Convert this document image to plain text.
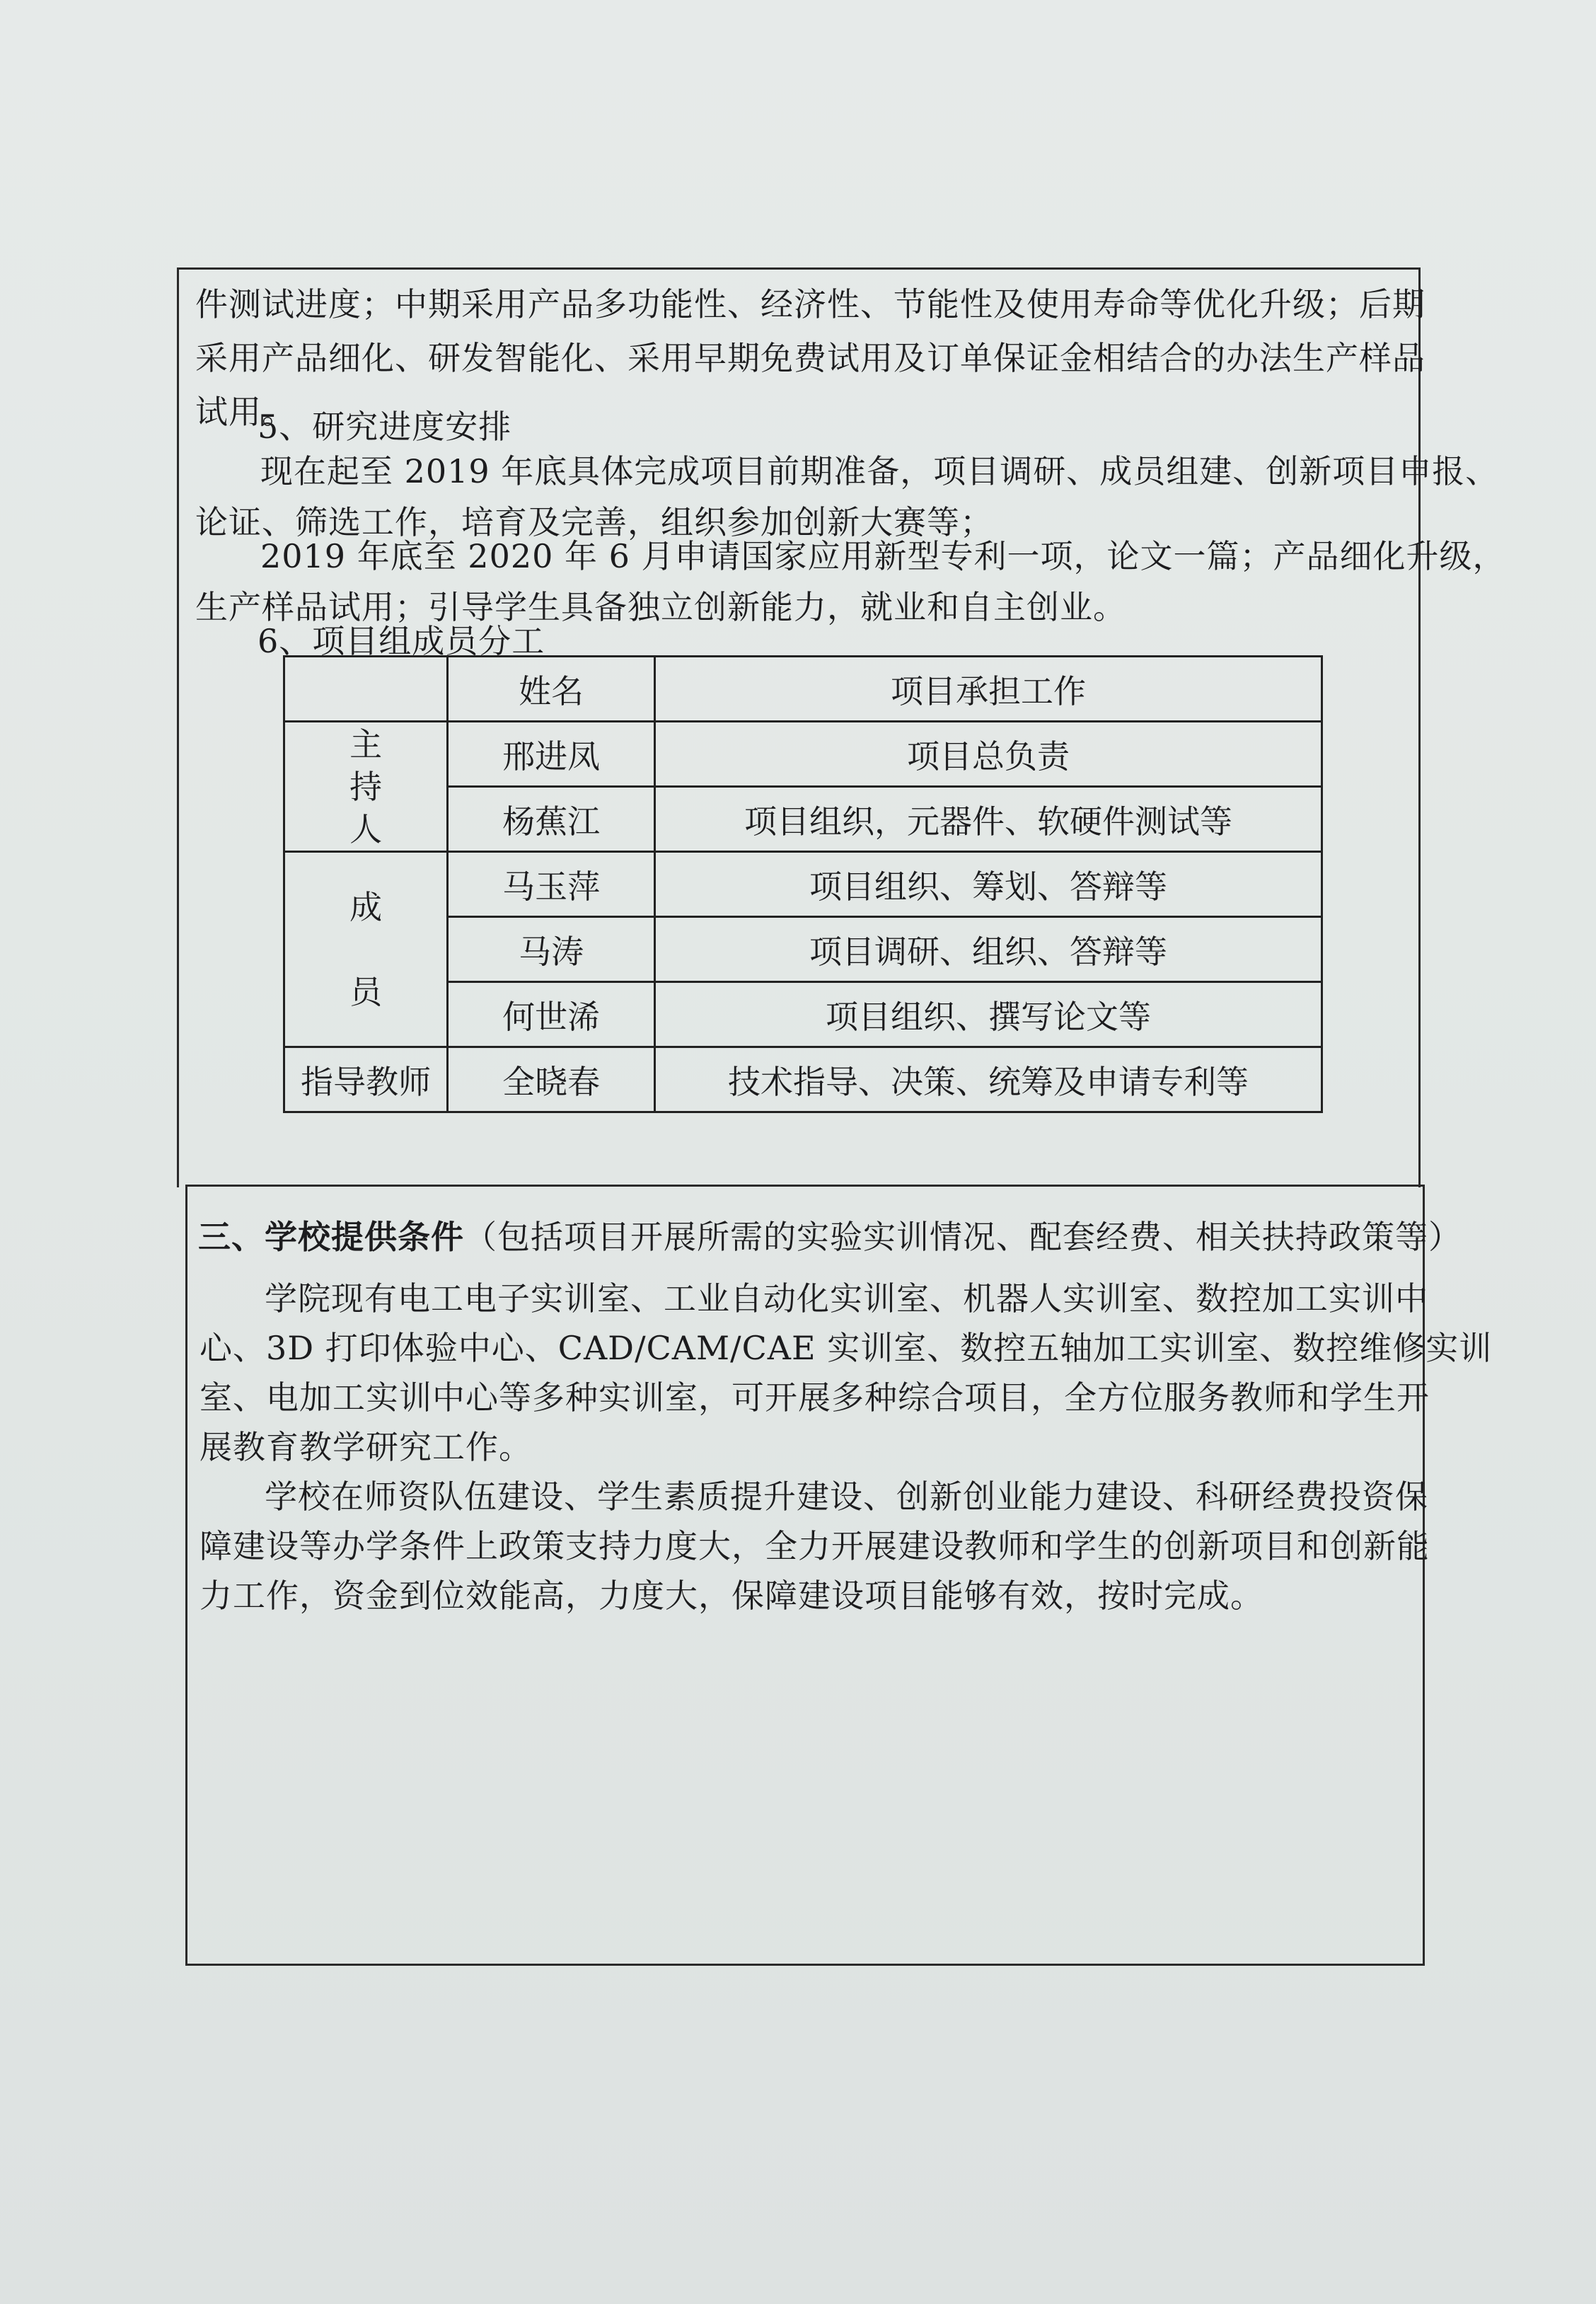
件测试进度；中期采用产品多功能性、经济性、节能性及使用寿命等优化升级；后期

采用产品细化、研发智能化、采用早期免费试用及订单保证金相结合的办法生产样品

试用。

5、研究进度安排

现在起至 2019 年底具体完成项目前期准备，项目调研、成员组建、创新项目申报、

论证、筛选工作，培育及完善，组织参加创新大赛等；

2019 年底至 2020 年 6 月申请国家应用新型专利一项，论文一篇；产品细化升级，

生产样品试用；引导学生具备独立创新能力，就业和自主创业。

6、项目组成员分工

	姓名	项目承担工作
主
持
人	邢进凤	项目总负责
	杨蕉江	项目组织，元器件、软硬件测试等
成

员	马玉萍	项目组织、筹划、答辩等
	马涛	项目调研、组织、答辩等
	何世浠	项目组织、撰写论文等
指导教师	全晓春	技术指导、决策、统筹及申请专利等

三、学校提供条件（包括项目开展所需的实验实训情况、配套经费、相关扶持政策等）

学院现有电工电子实训室、工业自动化实训室、机器人实训室、数控加工实训中

心、3D 打印体验中心、CAD/CAM/CAE 实训室、数控五轴加工实训室、数控维修实训

室、电加工实训中心等多种实训室，可开展多种综合项目，全方位服务教师和学生开

展教育教学研究工作。

学校在师资队伍建设、学生素质提升建设、创新创业能力建设、科研经费投资保

障建设等办学条件上政策支持力度大，全力开展建设教师和学生的创新项目和创新能

力工作，资金到位效能高，力度大，保障建设项目能够有效，按时完成。
